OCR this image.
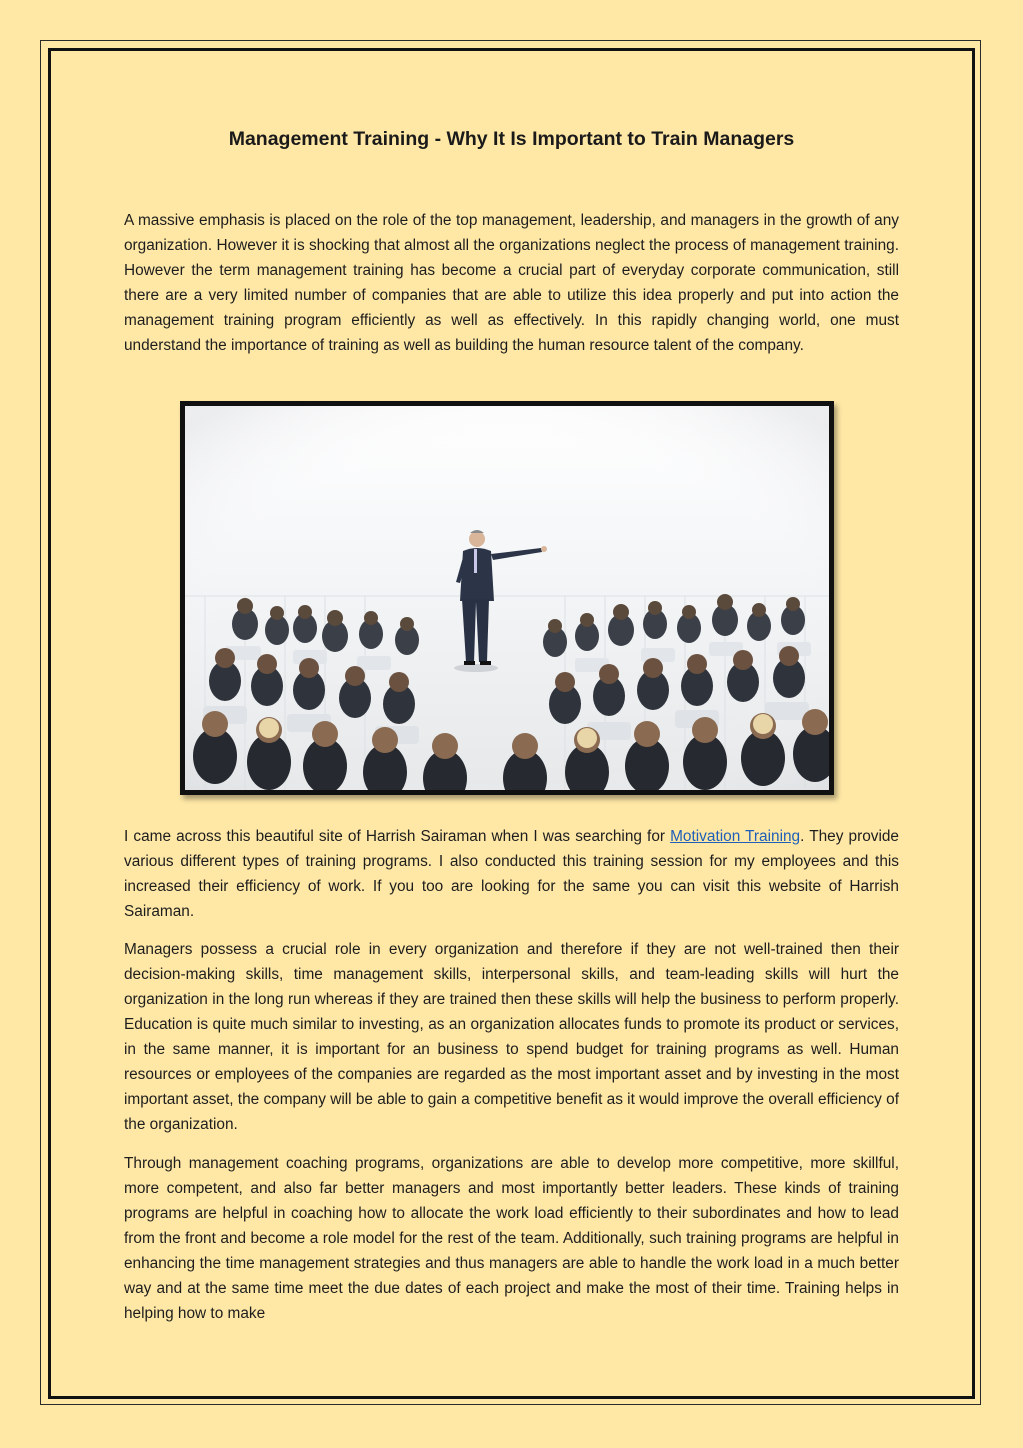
Management Training - Why It Is Important to Train Managers

A massive emphasis is placed on the role of the top management, leadership, and managers in the growth of any organization. However it is shocking that almost all the organizations neglect the process of management training. However the term management training has become a crucial part of everyday corporate communication, still there are a very limited number of companies that are able to utilize this idea properly and put into action the management training program efficiently as well as effectively. In this rapidly changing world, one must understand the importance of training as well as building the human resource talent of the company.

I came across this beautiful site of Harrish Sairaman when I was searching for Motivation Training. They provide various different types of training programs. I also conducted this training session for my employees and this increased their efficiency of work. If you too are looking for the same you can visit this website of Harrish Sairaman.

Managers possess a crucial role in every organization and therefore if they are not well-trained then their decision-making skills, time management skills, interpersonal skills, and team-leading skills will hurt the organization in the long run whereas if they are trained then these skills will help the business to perform properly. Education is quite much similar to investing, as an organization allocates funds to promote its product or services, in the same manner, it is important for an business to spend budget for training programs as well. Human resources or employees of the companies are regarded as the most important asset and by investing in the most important asset, the company will be able to gain a competitive benefit as it would improve the overall efficiency of the organization.

Through management coaching programs, organizations are able to develop more competitive, more skillful, more competent, and also far better managers and most importantly better leaders. These kinds of training programs are helpful in coaching how to allocate the work load efficiently to their subordinates and how to lead from the front and become a role model for the rest of the team. Additionally, such training programs are helpful in enhancing the time management strategies and thus managers are able to handle the work load in a much better way and at the same time meet the due dates of each project and make the most of their time. Training helps in helping how to make
